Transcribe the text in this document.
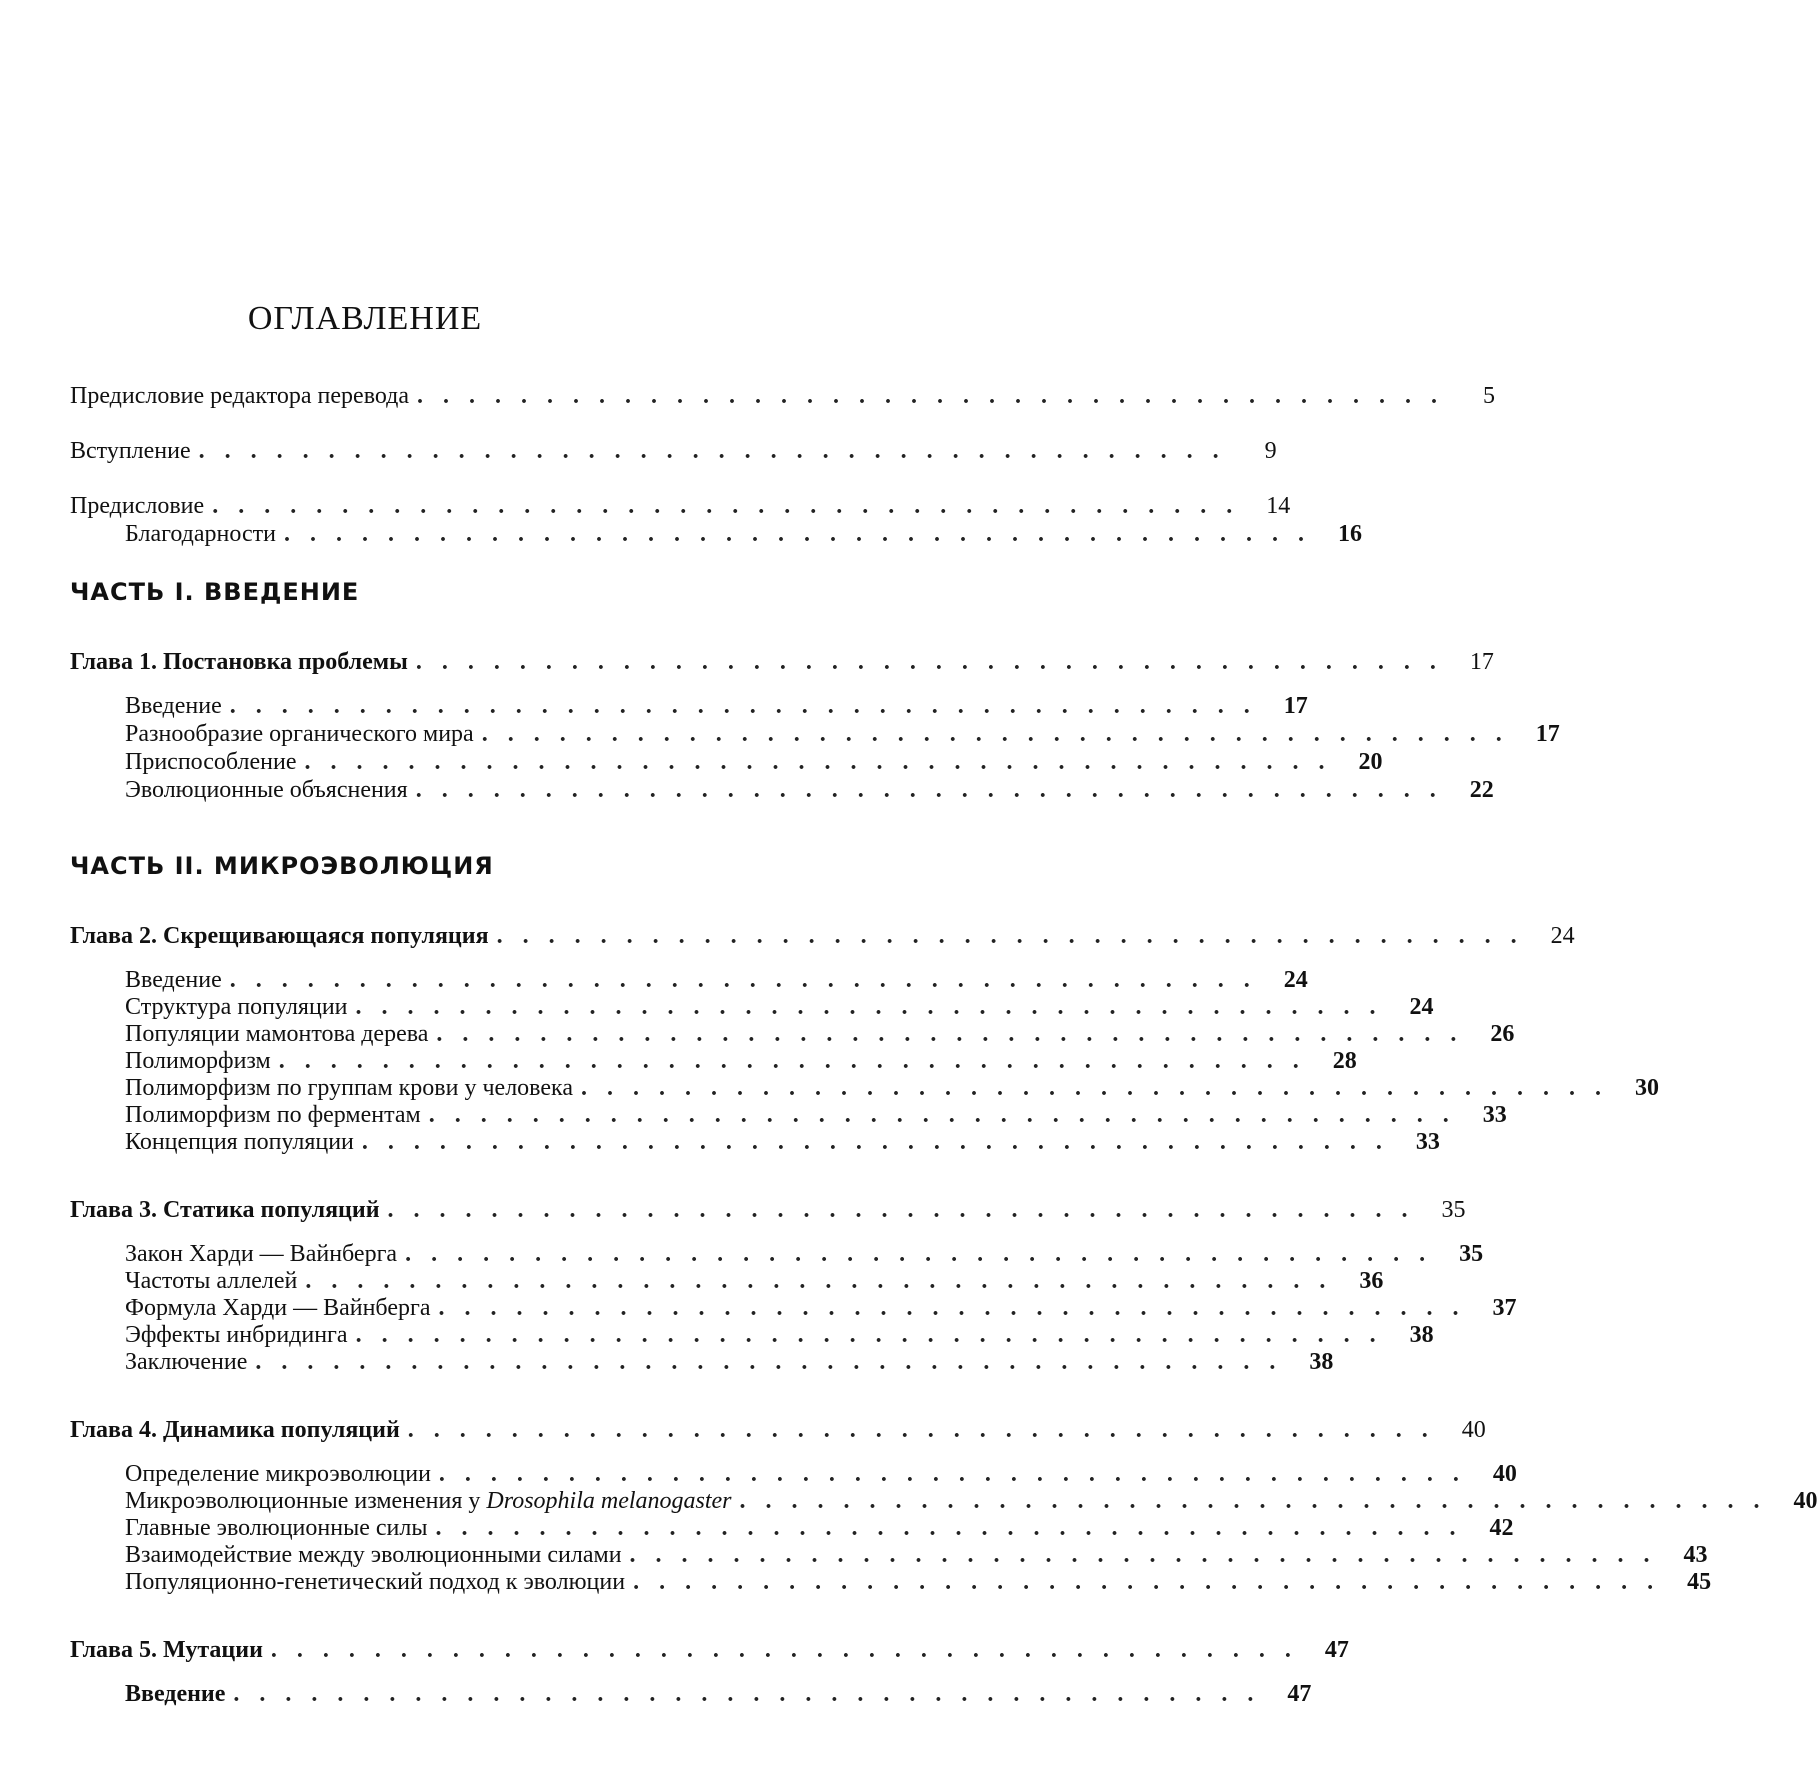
ОГЛАВЛЕНИЕ
Предисловие редактора перевода ........................................	5
Вступление ........................................	9
Предисловие ........................................ 14
Благодарности ........................................ 16
ЧАСТЬ I. ВВЕДЕНИЕ
Глава 1. Постановка проблемы ........................................ 17
Введение ........................................ 17
Разнообразие органического мира ........................................ 17
Приспособление ........................................ 20
Эволюционные объяснения ........................................ 22
ЧАСТЬ II. МИКРОЭВОЛЮЦИЯ
Глава 2. Скрещивающаяся популяция ........................................ 24
Введение ........................................ 24
Структура популяции ........................................ 24
Популяции мамонтова дерева ........................................ 26
Полиморфизм ........................................ 28
Полиморфизм по группам крови у человека ........................................ 30
Полиморфизм по ферментам ........................................ 33
Концепция популяции ........................................ 33
Глава 3. Статика популяций ........................................ 35
Закон Харди — Вайнберга ........................................ 35
Частоты аллелей ........................................ 36
Формула Харди — Вайнберга ........................................ 37
Эффекты инбридинга ........................................ 38
Заключение ........................................ 38
Глава 4. Динамика популяций ........................................ 40
Определение микроэволюции ........................................ 40
Микроэволюционные изменения у Drosophila melanogaster ........................................ 40
Главные эволюционные силы ........................................ 42
Взаимодействие между эволюционными силами ........................................ 43
Популяционно-генетический подход к эволюции ........................................ 45
Глава 5. Мутации ........................................ 47
Введение ........................................ 47
